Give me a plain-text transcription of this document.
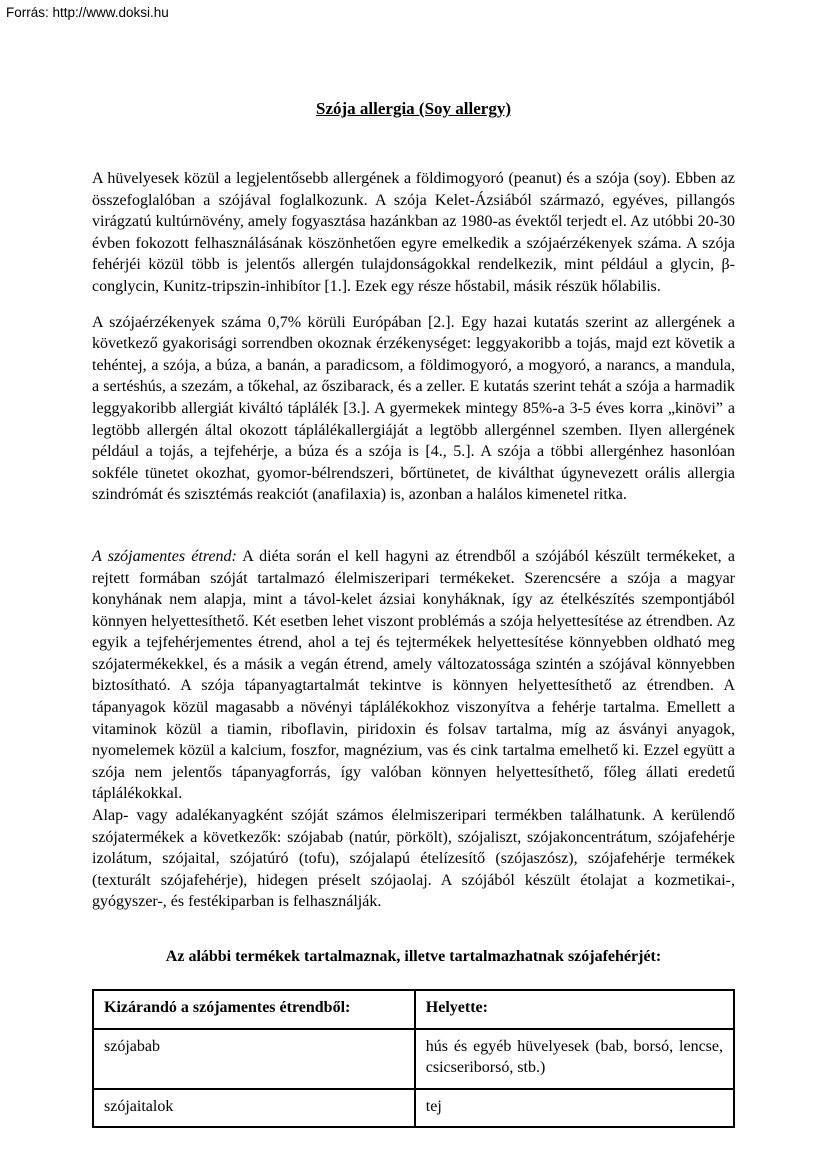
Forrás: http://www.doksi.hu
Szója allergia (Soy allergy)

A hüvelyesek közül a legjelentősebb allergének a földimogyoró (peanut) és a szója (soy). Ebben az összefoglalóban a szójával foglalkozunk. A szója Kelet-Ázsiából származó, egyéves, pillangós virágzatú kultúrnövény, amely fogyasztása hazánkban az 1980-as évektől terjedt el. Az utóbbi 20-30 évben fokozott felhasználásának köszönhetően egyre emelkedik a szójaérzékenyek száma. A szója fehérjéi közül több is jelentős allergén tulajdonságokkal rendelkezik, mint például a glycin, β-conglycin, Kunitz-tripszin-inhibítor [1.]. Ezek egy része hőstabil, másik részük hőlabilis.

A szójaérzékenyek száma 0,7% körüli Európában [2.]. Egy hazai kutatás szerint az allergének a következő gyakorisági sorrendben okoznak érzékenységet: leggyakoribb a tojás, majd ezt követik a tehéntej, a szója, a búza, a banán, a paradicsom, a földimogyoró, a mogyoró, a narancs, a mandula, a sertéshús, a szezám, a tőkehal, az őszibarack, és a zeller. E kutatás szerint tehát a szója a harmadik leggyakoribb allergiát kiváltó táplálék [3.]. A gyermekek mintegy 85%-a 3-5 éves korra „kinövi” a legtöbb allergén által okozott táplálékallergiáját a legtöbb allergénnel szemben. Ilyen allergének például a tojás, a tejfehérje, a búza és a szója is [4., 5.]. A szója a többi allergénhez hasonlóan sokféle tünetet okozhat, gyomor-bélrendszeri, bőrtünetet, de kiválthat úgynevezett orális allergia szindrómát és szisztémás reakciót (anafilaxia) is, azonban a halálos kimenetel ritka.

A szójamentes étrend: A diéta során el kell hagyni az étrendből a szójából készült termékeket, a rejtett formában szóját tartalmazó élelmiszeripari termékeket. Szerencsére a szója a magyar konyhának nem alapja, mint a távol-kelet ázsiai konyháknak, így az ételkészítés szempontjából könnyen helyettesíthető. Két esetben lehet viszont problémás a szója helyettesítése az étrendben. Az egyik a tejfehérjementes étrend, ahol a tej és tejtermékek helyettesítése könnyebben oldható meg szójatermékekkel, és a másik a vegán étrend, amely változatossága szintén a szójával könnyebben biztosítható. A szója tápanyagtartalmát tekintve is könnyen helyettesíthető az étrendben. A tápanyagok közül magasabb a növényi táplálékokhoz viszonyítva a fehérje tartalma. Emellett a vitaminok közül a tiamin, riboflavin, piridoxin és folsav tartalma, míg az ásványi anyagok, nyomelemek közül a kalcium, foszfor, magnézium, vas és cink tartalma emelhető ki. Ezzel együtt a szója nem jelentős tápanyagforrás, így valóban könnyen helyettesíthető, főleg állati eredetű táplálékokkal.

Alap- vagy adalékanyagként szóját számos élelmiszeripari termékben találhatunk. A kerülendő szójatermékek a következők: szójabab (natúr, pörkölt), szójaliszt, szójakoncentrátum, szójafehérje izolátum, szójaital, szójatúró (tofu), szójalapú ételízesítő (szójaszósz), szójafehérje termékek (texturált szójafehérje), hidegen préselt szójaolaj. A szójából készült étolajat a kozmetikai-, gyógyszer-, és festékiparban is felhasználják.

Az alábbi termékek tartalmaznak, illetve tartalmazhatnak szójafehérjét:
Kizárandó a szójamentes étrendből:	Helyette:
szójabab	hús és egyéb hüvelyesek (bab, borsó, lencse, csicseriborsó, stb.)
szójaitalok	tej
